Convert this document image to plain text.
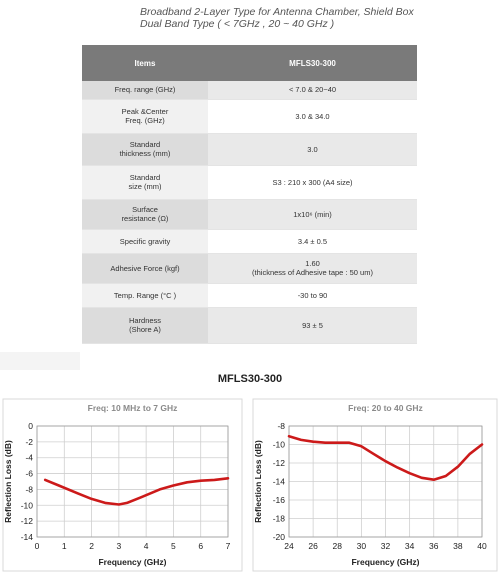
Broadband 2-Layer Type for Antenna Chamber, Shield Box
Dual Band Type ( < 7GHz , 20 ~ 40 GHz )
Items	MFLS30-300

Freq. range (GHz)	< 7.0 & 20~40

Peak &Center
Freq. (GHz)	3.0 & 34.0

Standard
thickness (mm)	3.0

Standard
size (mm)	S3 : 210 x 300 (A4 size)

Surface
resistance (Ω)	1x10⁶ (min)

Specific gravity	3.4 ± 0.5

Adhesive Force (kgf)	1.60
(thickness of Adhesive tape : 50 um)

Temp. Range (°C )	-30 to 90

Hardness
(Shore A)	93 ± 5
MFLS30-300
0
-2
-4
-6
-8
-10
-12
-14
0	1	2	3	4	5	6	7
Freq: 10 MHz to 7 GHz
Frequency (GHz)
Reflection Loss (dB)
-8
-10
-12
-14
-16
-18
-20
24 26 28 30 32 34 36 38 40
Freq: 20 to 40 GHz
Frequency (GHz)
Reflection Loss (dB)
